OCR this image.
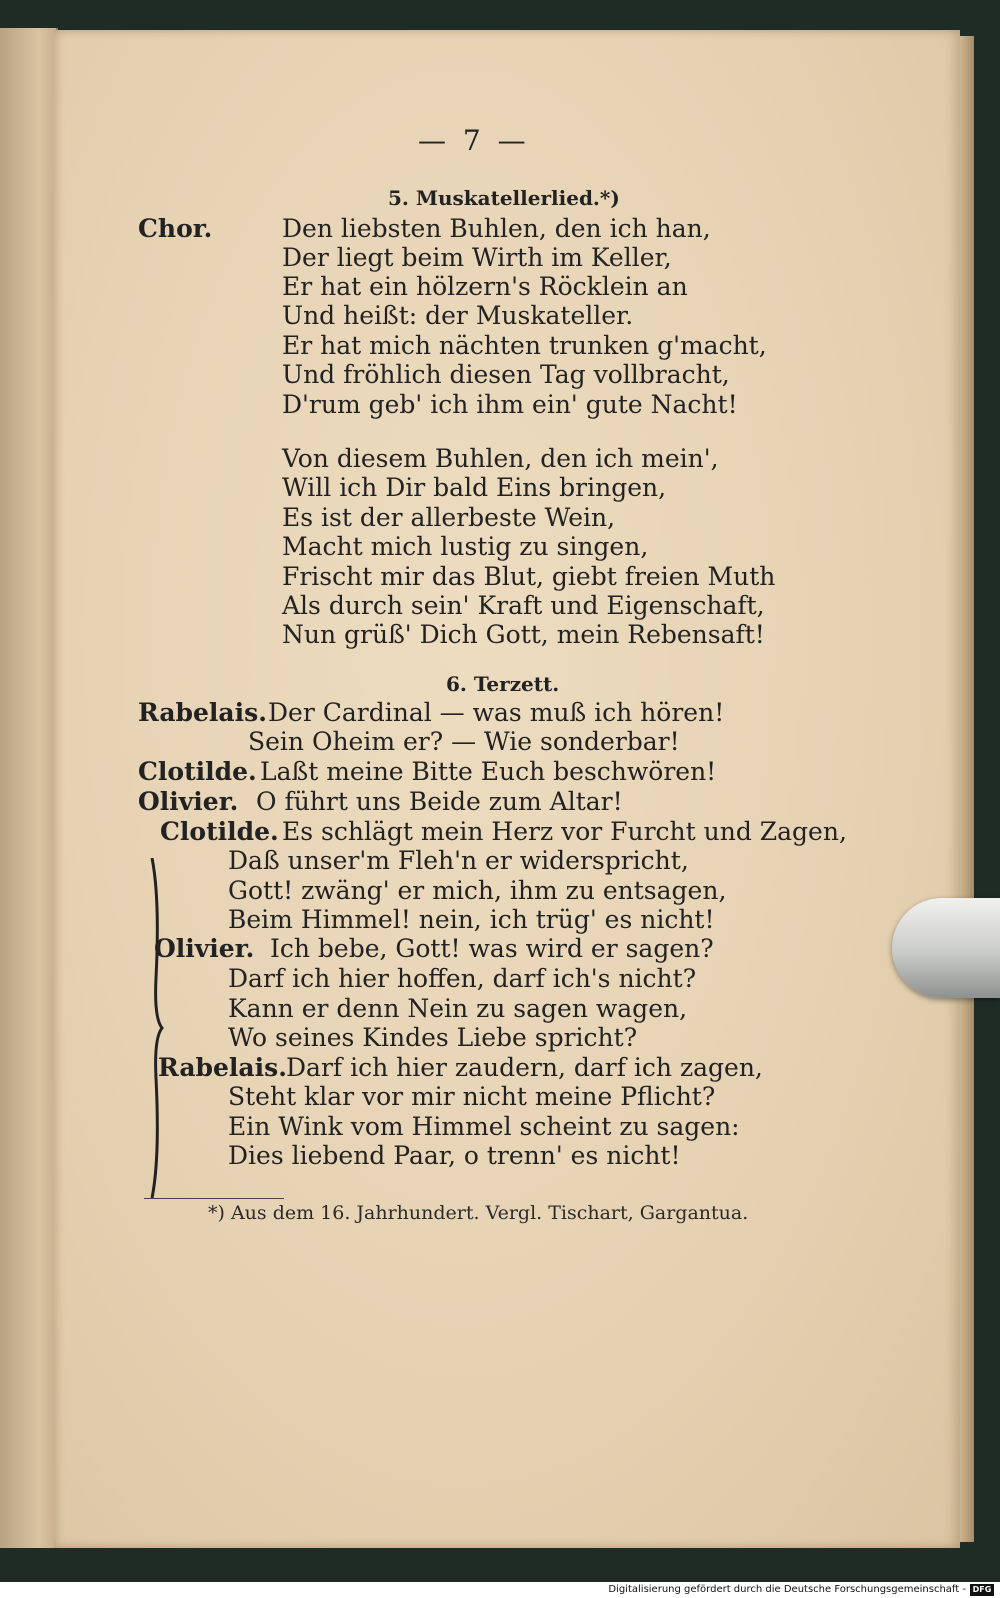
— 7 —
5. Muskatellerlied.*)
Chor.	Den liebsten Buhlen, den ich han,
Der liegt beim Wirth im Keller,
Er hat ein hölzern's Röcklein an
Und heißt: der Muskateller.
Er hat mich nächten trunken g'macht,
Und fröhlich diesen Tag vollbracht,
D'rum geb' ich ihm ein' gute Nacht!
Von diesem Buhlen, den ich mein',
Will ich Dir bald Eins bringen,
Es ist der allerbeste Wein,
Macht mich lustig zu singen,
Frischt mir das Blut, giebt freien Muth
Als durch sein' Kraft und Eigenschaft,
Nun grüß' Dich Gott, mein Rebensaft!
6. Terzett.
Rabelais. Der Cardinal — was muß ich hören!
Sein Oheim er? — Wie sonderbar!
Clotilde. Laßt meine Bitte Euch beschwören!
Olivier. O führt uns Beide zum Altar!
Clotilde. Es schlägt mein Herz vor Furcht und Zagen,
Daß unser'm Fleh'n er widerspricht,
Gott! zwäng' er mich, ihm zu entsagen,
Beim Himmel! nein, ich trüg' es nicht!
Olivier. Ich bebe, Gott! was wird er sagen?
Darf ich hier hoffen, darf ich's nicht?
Kann er denn Nein zu sagen wagen,
Wo seines Kindes Liebe spricht?
Rabelais. Darf ich hier zaudern, darf ich zagen,
Steht klar vor mir nicht meine Pflicht?
Ein Wink vom Himmel scheint zu sagen:
Dies liebend Paar, o trenn' es nicht!
*) Aus dem 16. Jahrhundert. Vergl. Tischart, Gargantua.
Digitalisierung gefördert durch die Deutsche Forschungsgemeinschaft - DFG
